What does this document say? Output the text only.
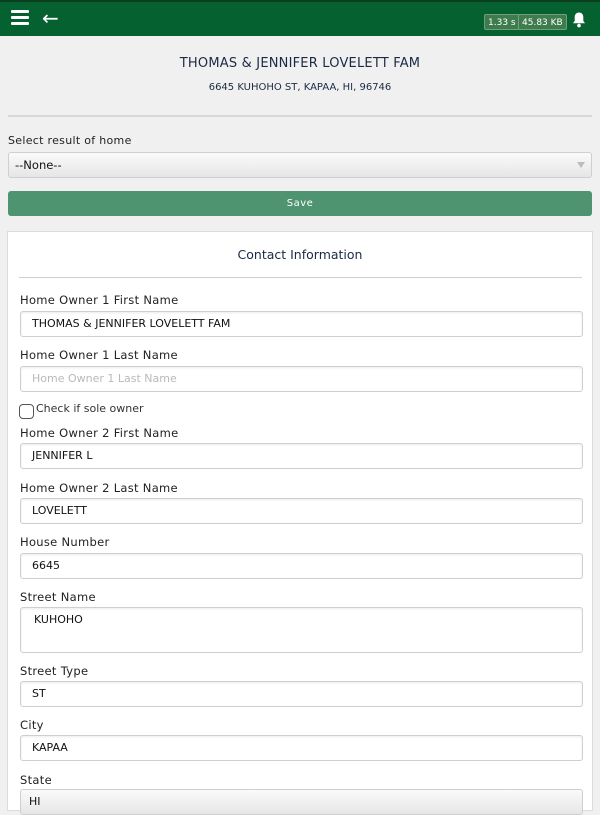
←	1.33 s 45.83 KB
THOMAS & JENNIFER LOVELETT FAM
6645 KUHOHO ST, KAPAA, HI, 96746
Select result of home
--None--
Save
Contact Information
Home Owner 1 First Name
THOMAS & JENNIFER LOVELETT FAM
Home Owner 1 Last Name
Home Owner 1 Last Name
Check if sole owner
Home Owner 2 First Name
JENNIFER L
Home Owner 2 Last Name
LOVELETT
House Number
6645
Street Name
KUHOHO
Street Type
ST
City
KAPAA
State
HI
